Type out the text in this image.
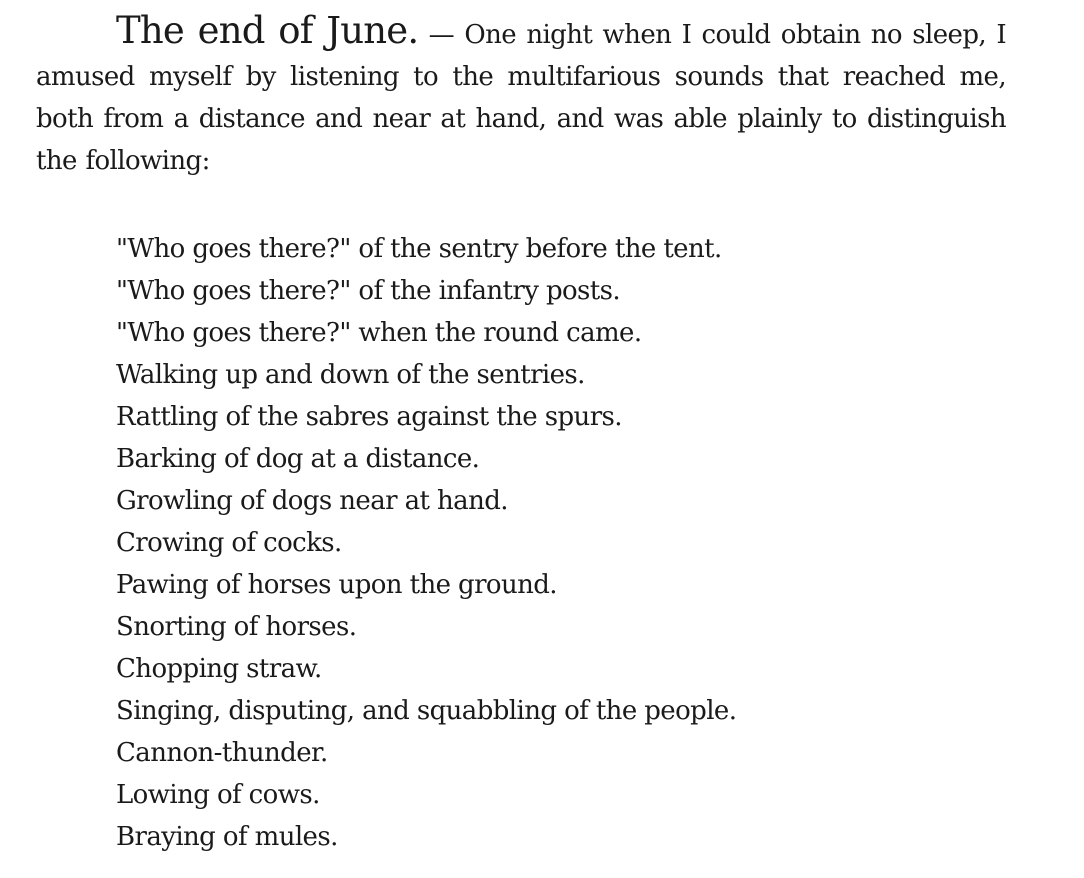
The end of June. — One night when I could obtain no sleep, I amused myself by listening to the multifarious sounds that reached me, both from a distance and near at hand, and was able plainly to distinguish the following:

"Who goes there?" of the sentry before the tent.
"Who goes there?" of the infantry posts.
"Who goes there?" when the round came.
Walking up and down of the sentries.
Rattling of the sabres against the spurs.
Barking of dog at a distance.
Growling of dogs near at hand.
Crowing of cocks.
Pawing of horses upon the ground.
Snorting of horses.
Chopping straw.
Singing, disputing, and squabbling of the people.
Cannon-thunder.
Lowing of cows.
Braying of mules.
